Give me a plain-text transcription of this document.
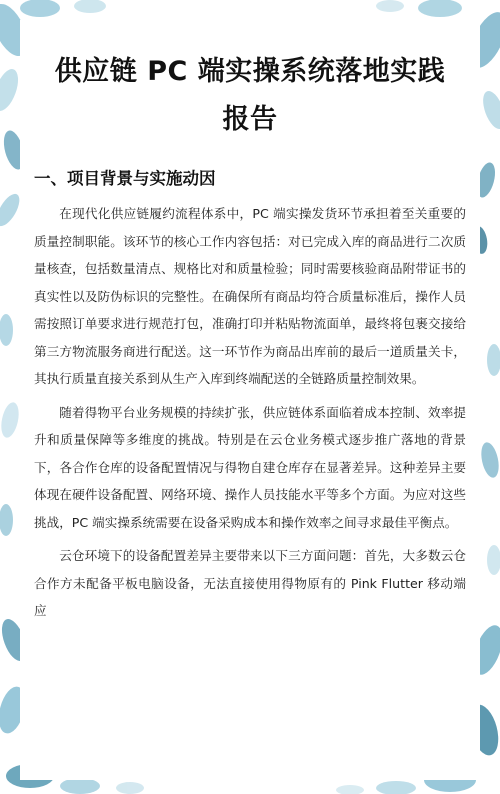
供应链 PC 端实操系统落地实践
报告
一、项目背景与实施动因

在现代化供应链履约流程体系中，PC 端实操发货环节承担着至关重要的质量控制职能。该环节的核心工作内容包括：对已完成入库的商品进行二次质量核查，包括数量清点、规格比对和质量检验；同时需要核验商品附带证书的真实性以及防伪标识的完整性。在确保所有商品均符合质量标准后，操作人员需按照订单要求进行规范打包，准确打印并粘贴物流面单，最终将包裹交接给第三方物流服务商进行配送。这一环节作为商品出库前的最后一道质量关卡，其执行质量直接关系到从生产入库到终端配送的全链路质量控制效果。

随着得物平台业务规模的持续扩张，供应链体系面临着成本控制、效率提升和质量保障等多维度的挑战。特别是在云仓业务模式逐步推广落地的背景下，各合作仓库的设备配置情况与得物自建仓库存在显著差异。这种差异主要体现在硬件设备配置、网络环境、操作人员技能水平等多个方面。为应对这些挑战，PC 端实操系统需要在设备采购成本和操作效率之间寻求最佳平衡点。

云仓环境下的设备配置差异主要带来以下三方面问题：首先，大多数云仓合作方未配备平板电脑设备，无法直接使用得物原有的 Pink Flutter 移动端应
